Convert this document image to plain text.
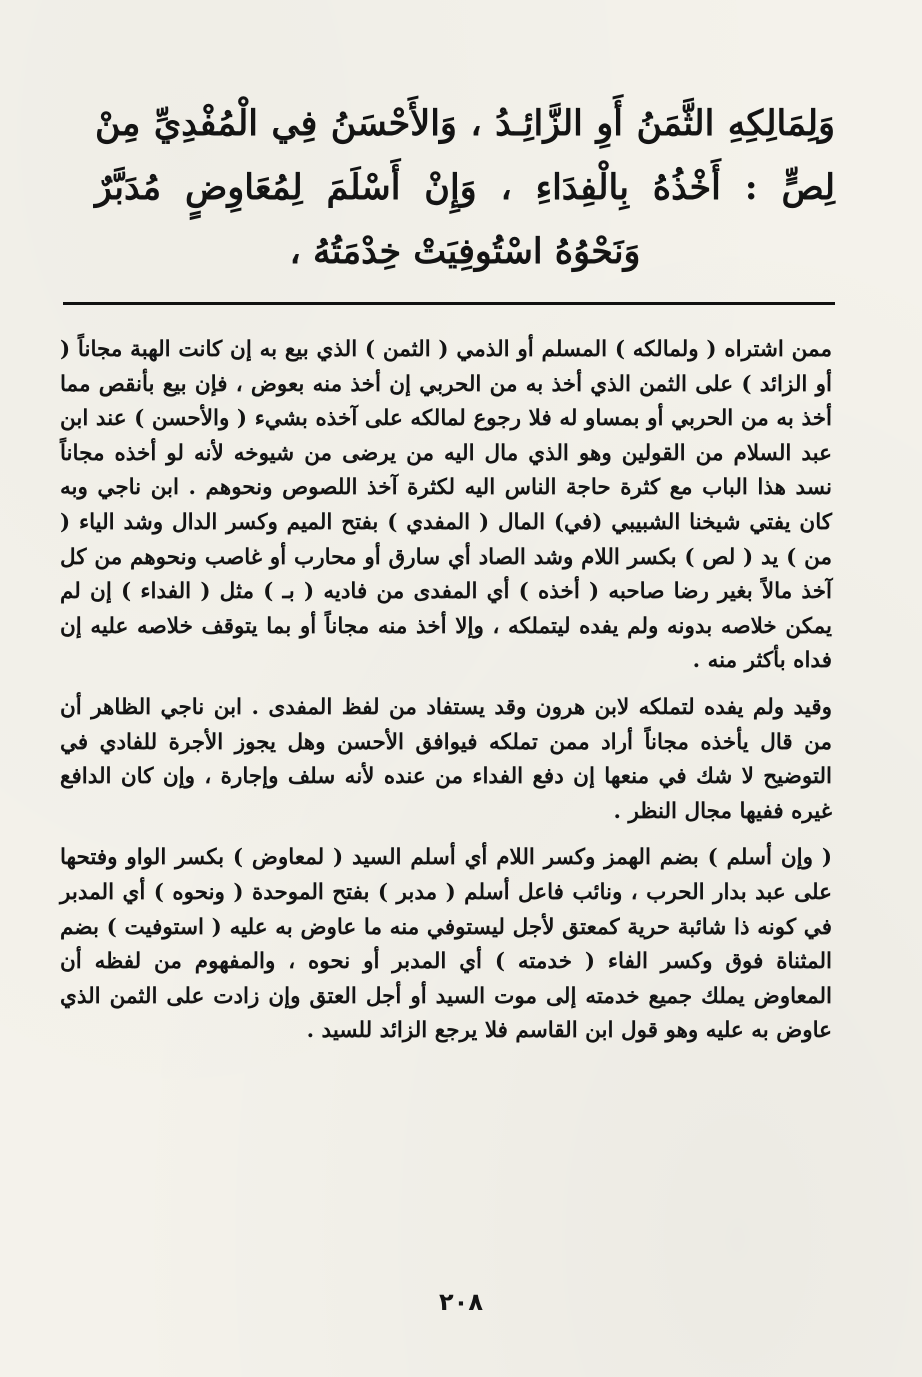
وَلِمَالِكِهِ الثَّمَنُ أَوِ الزَّائِـدُ ، وَالأَحْسَنُ فِي الْمُفْدِيِّ مِنْ لِصٍّ : أَخْذُهُ بِالْفِدَاءِ ، وَإِنْ أَسْلَمَ لِمُعَاوِضٍ مُدَبَّرٌ وَنَحْوُهُ اسْتُوفِيَتْ خِدْمَتُهُ ،

ممن اشتراه ( ولمالكه ) المسلم أو الذمي ( الثمن ) الذي بيع به إن كانت الهبة مجاناً ( أو الزائد ) على الثمن الذي أخذ به من الحربي إن أخذ منه بعوض ، فإن بيع بأنقص مما أخذ به من الحربي أو بمساو له فلا رجوع لمالكه على آخذه بشيء ( والأحسن ) عند ابن عبد السلام من القولين وهو الذي مال اليه من يرضى من شيوخه لأنه لو أخذه مجاناً نسد هذا الباب مع كثرة حاجة الناس اليه لكثرة آخذ اللصوص ونحوهم . ابن ناجي وبه كان يفتي شيخنا الشبيبي (في) المال ( المفدي ) بفتح الميم وكسر الدال وشد الياء ( من ) يد ( لص ) بكسر اللام وشد الصاد أي سارق أو محارب أو غاصب ونحوهم من كل آخذ مالاً بغير رضا صاحبه ( أخذه ) أي المفدى من فاديه ( بـ ) مثل ( الفداء ) إن لم يمكن خلاصه بدونه ولم يفده ليتملكه ، وإلا أخذ منه مجاناً أو بما يتوقف خلاصه عليه إن فداه بأكثر منه .

وقيد ولم يفده لتملكه لابن هرون وقد يستفاد من لفظ المفدى . ابن ناجي الظاهر أن من قال يأخذه مجاناً أراد ممن تملكه فيوافق الأحسن وهل يجوز الأجرة للفادي في التوضيح لا شك في منعها إن دفع الفداء من عنده لأنه سلف وإجارة ، وإن كان الدافع غيره ففيها مجال النظر .

( وإن أسلم ) بضم الهمز وكسر اللام أي أسلم السيد ( لمعاوض ) بكسر الواو وفتحها على عبد بدار الحرب ، ونائب فاعل أسلم ( مدبر ) بفتح الموحدة ( ونحوه ) أي المدبر في كونه ذا شائبة حرية كمعتق لأجل ليستوفي منه ما عاوض به عليه ( استوفيت ) بضم المثناة فوق وكسر الفاء ( خدمته ) أي المدبر أو نحوه ، والمفهوم من لفظه أن المعاوض يملك جميع خدمته إلى موت السيد أو أجل العتق وإن زادت على الثمن الذي عاوض به عليه وهو قول ابن القاسم فلا يرجع الزائد للسيد .

٢٠٨
